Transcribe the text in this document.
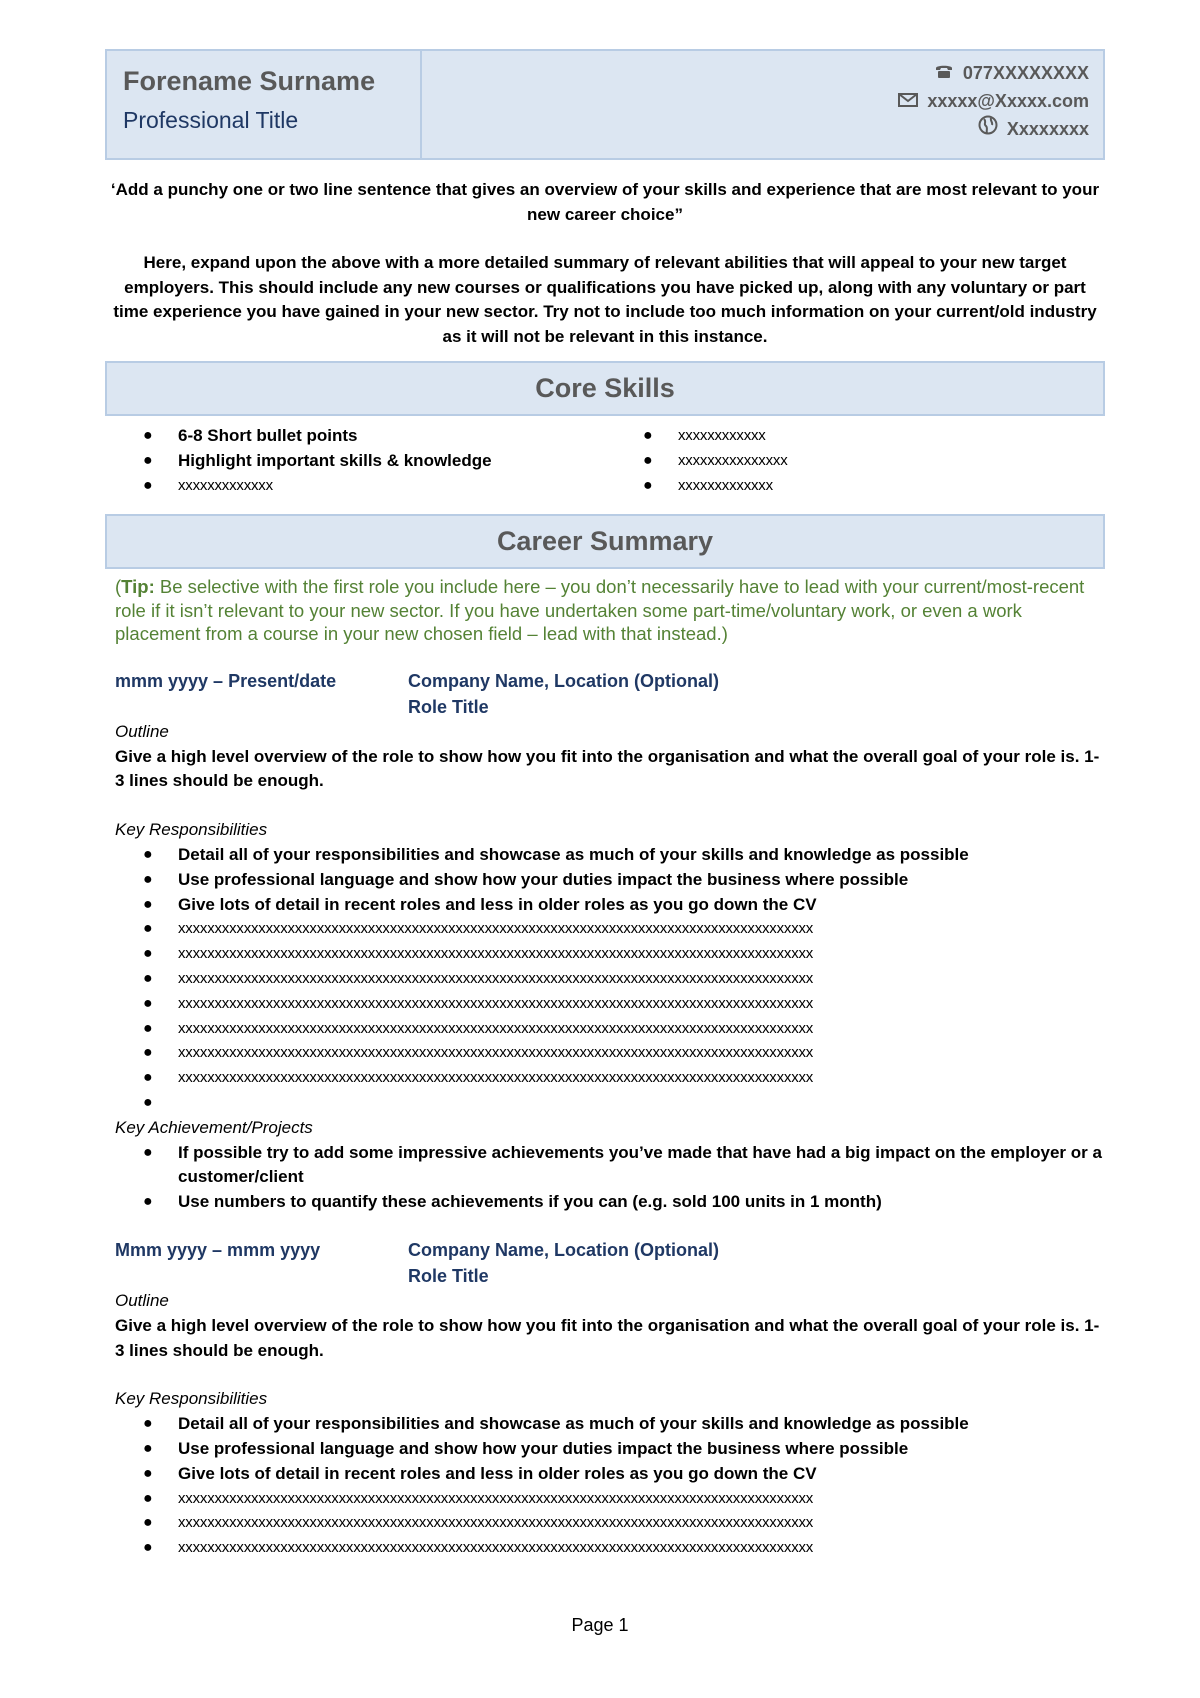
Forename Surname
Professional Title
077XXXXXXXX
xxxxx@Xxxxx.com
Xxxxxxxx
‘Add a punchy one or two line sentence that gives an overview of your skills and experience that are most relevant to your new career choice”
Here, expand upon the above with a more detailed summary of relevant abilities that will appeal to your new target employers. This should include any new courses or qualifications you have picked up, along with any voluntary or part time experience you have gained in your new sector. Try not to include too much information on your current/old industry as it will not be relevant in this instance.
Core Skills
● 6-8 Short bullet points
● Highlight important skills & knowledge
● xxxxxxxxxxxxx
● xxxxxxxxxxxx
● xxxxxxxxxxxxxxx
● xxxxxxxxxxxxx
Career Summary
(Tip: Be selective with the first role you include here – you don’t necessarily have to lead with your current/most-recent role if it isn’t relevant to your new sector. If you have undertaken some part-time/voluntary work, or even a work placement from a course in your new chosen field – lead with that instead.)
mmm yyyy – Present/date	Company Name, Location (Optional)
Role Title
Outline
Give a high level overview of the role to show how you fit into the organisation and what the overall goal of your role is. 1-3 lines should be enough.
Key Responsibilities
● Detail all of your responsibilities and showcase as much of your skills and knowledge as possible
● Use professional language and show how your duties impact the business where possible
● Give lots of detail in recent roles and less in older roles as you go down the CV
● xxxxxxxxxxxxxxxxxxxxxxxxxxxxxxxxxxxxxxxxxxxxxxxxxxxxxxxxxxxxxxxxxxxxxxxxxxxxxxxxxxxxxxx
● xxxxxxxxxxxxxxxxxxxxxxxxxxxxxxxxxxxxxxxxxxxxxxxxxxxxxxxxxxxxxxxxxxxxxxxxxxxxxxxxxxxxxxx
● xxxxxxxxxxxxxxxxxxxxxxxxxxxxxxxxxxxxxxxxxxxxxxxxxxxxxxxxxxxxxxxxxxxxxxxxxxxxxxxxxxxxxxx
● xxxxxxxxxxxxxxxxxxxxxxxxxxxxxxxxxxxxxxxxxxxxxxxxxxxxxxxxxxxxxxxxxxxxxxxxxxxxxxxxxxxxxxx
● xxxxxxxxxxxxxxxxxxxxxxxxxxxxxxxxxxxxxxxxxxxxxxxxxxxxxxxxxxxxxxxxxxxxxxxxxxxxxxxxxxxxxxx
● xxxxxxxxxxxxxxxxxxxxxxxxxxxxxxxxxxxxxxxxxxxxxxxxxxxxxxxxxxxxxxxxxxxxxxxxxxxxxxxxxxxxxxx
● xxxxxxxxxxxxxxxxxxxxxxxxxxxxxxxxxxxxxxxxxxxxxxxxxxxxxxxxxxxxxxxxxxxxxxxxxxxxxxxxxxxxxxx
●
Key Achievement/Projects
● If possible try to add some impressive achievements you’ve made that have had a big impact on the employer or a customer/client
● Use numbers to quantify these achievements if you can (e.g. sold 100 units in 1 month)
Mmm yyyy – mmm yyyy	Company Name, Location (Optional)
Role Title
Outline
Give a high level overview of the role to show how you fit into the organisation and what the overall goal of your role is. 1-3 lines should be enough.
Key Responsibilities
● Detail all of your responsibilities and showcase as much of your skills and knowledge as possible
● Use professional language and show how your duties impact the business where possible
● Give lots of detail in recent roles and less in older roles as you go down the CV
● xxxxxxxxxxxxxxxxxxxxxxxxxxxxxxxxxxxxxxxxxxxxxxxxxxxxxxxxxxxxxxxxxxxxxxxxxxxxxxxxxxxxxxx
● xxxxxxxxxxxxxxxxxxxxxxxxxxxxxxxxxxxxxxxxxxxxxxxxxxxxxxxxxxxxxxxxxxxxxxxxxxxxxxxxxxxxxxx
● xxxxxxxxxxxxxxxxxxxxxxxxxxxxxxxxxxxxxxxxxxxxxxxxxxxxxxxxxxxxxxxxxxxxxxxxxxxxxxxxxxxxxxx
Page 1
